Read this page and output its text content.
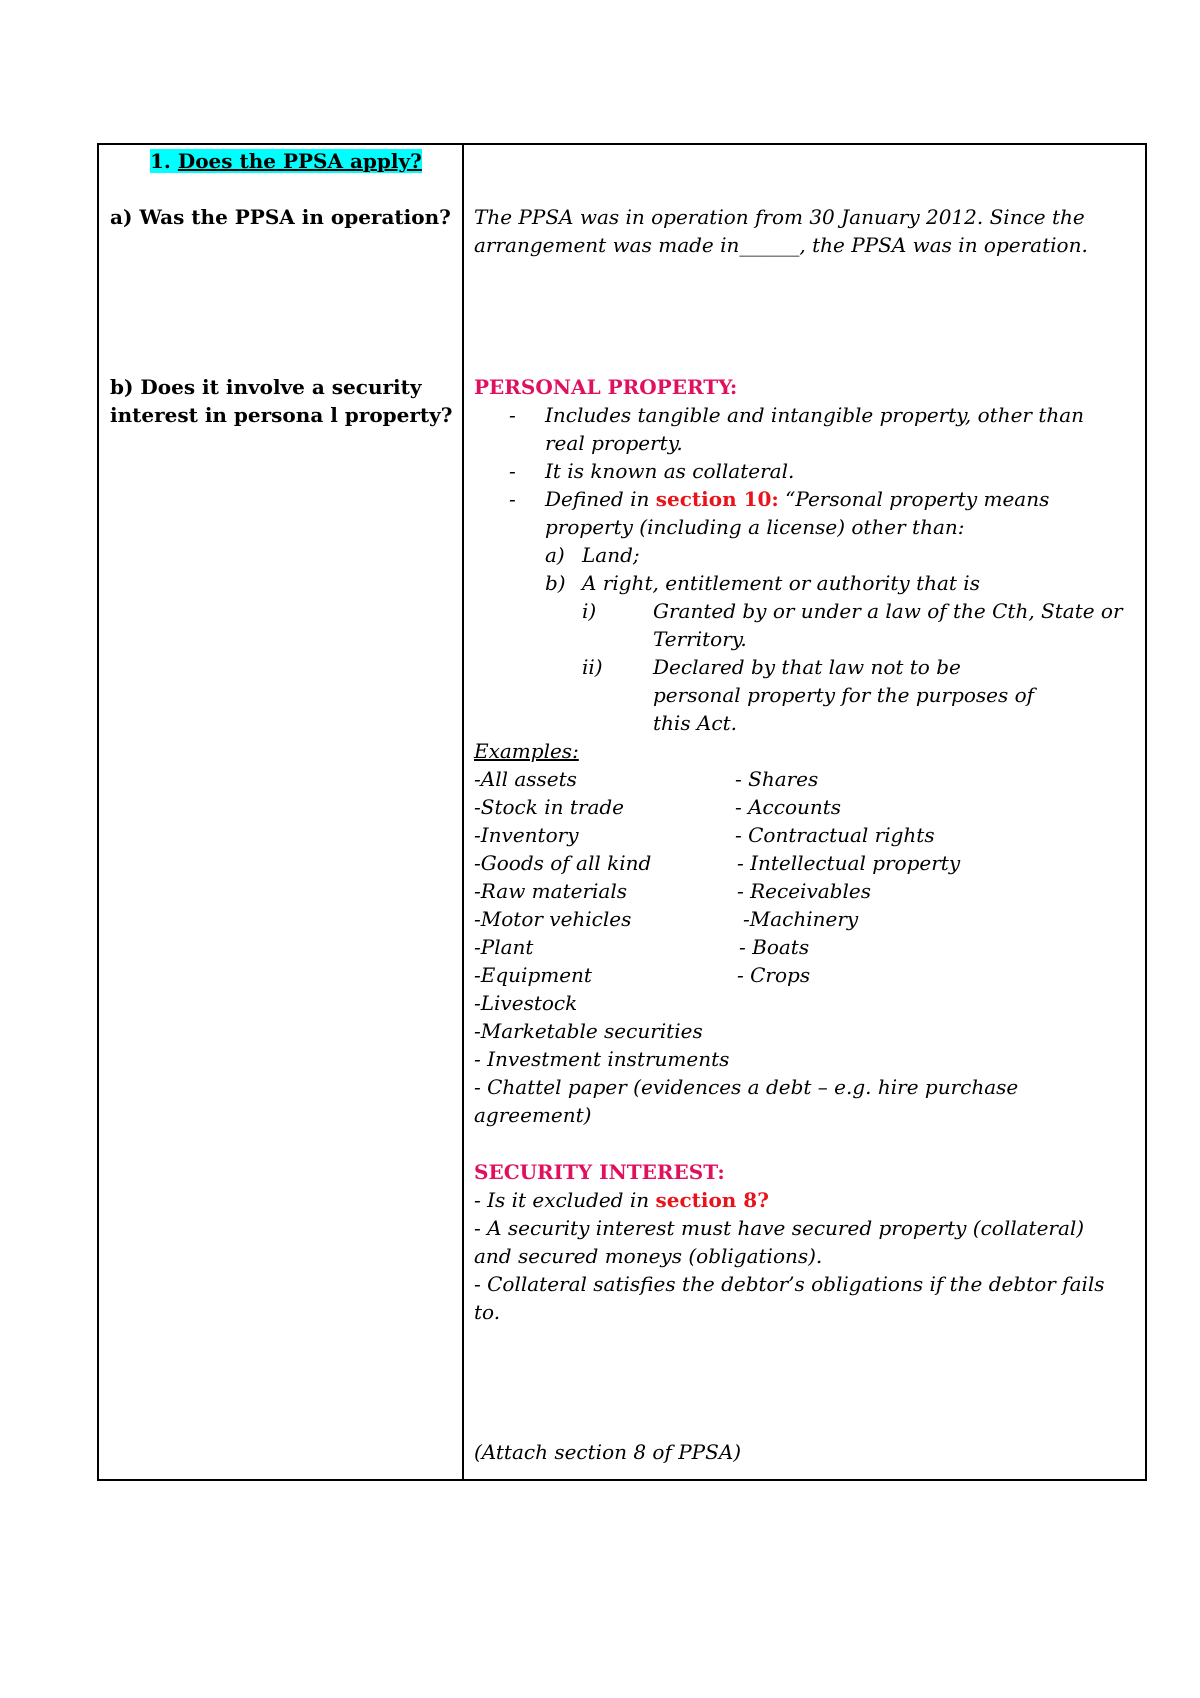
1. Does the PPSA apply?
a) Was the PPSA in operation?
b) Does it involve a security
interest in persona l property?
The PPSA was in operation from 30 January 2012. Since the
arrangement was made in______, the PPSA was in operation.
PERSONAL PROPERTY:
- Includes tangible and intangible property, other than
real property.
- It is known as collateral.
- Defined in section 10: “Personal property means
property (including a license) other than:
a) Land;
b) A right, entitlement or authority that is
i)	Granted by or under a law of the Cth, State or
Territory.
ii)	Declared by that law not to be
personal property for the purposes of
this Act.
Examples:
-All assets
-Stock in trade
-Inventory
-Goods of all kind
-Raw materials
-Motor vehicles
-Plant
-Equipment
-Livestock
-Marketable securities
- Investment instruments
- Chattel paper (evidences a debt – e.g. hire purchase
agreement)
- Shares
- Accounts
- Contractual rights
- Intellectual property
- Receivables
-Machinery
- Boats
- Crops
SECURITY INTEREST:
- Is it excluded in section 8?
- A security interest must have secured property (collateral)
and secured moneys (obligations).
- Collateral satisfies the debtor’s obligations if the debtor fails
to.
(Attach section 8 of PPSA)
